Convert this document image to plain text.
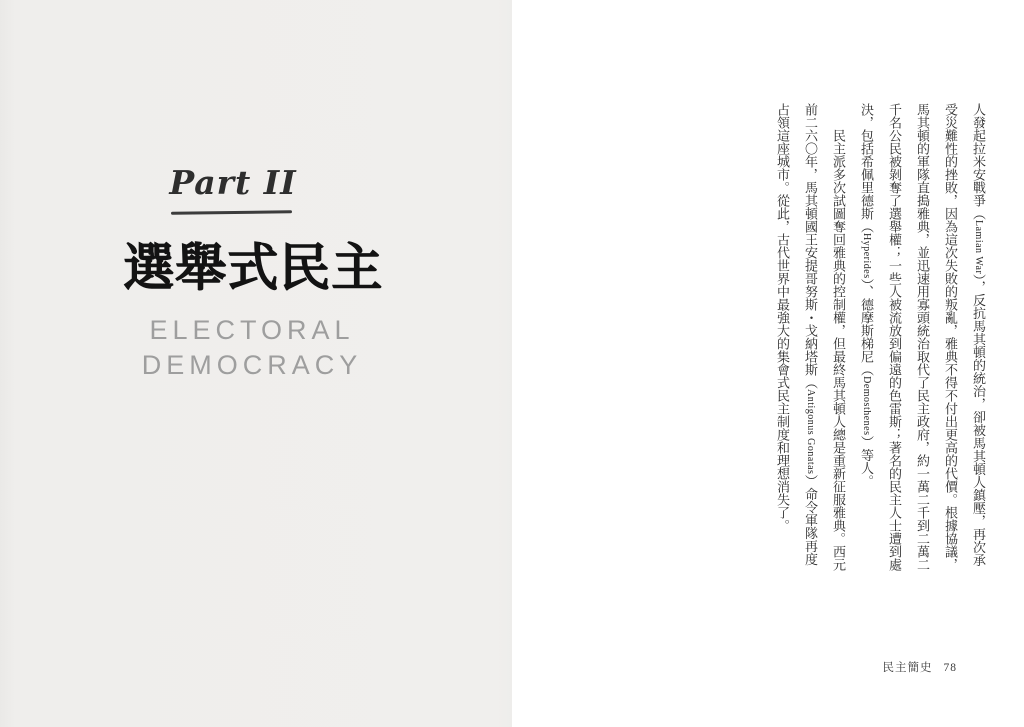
Part II
選舉式民主
ELECTORAL
DEMOCRACY
人發起拉米安戰爭（Lamian War），反抗馬其頓的統治，卻被馬其頓人鎮壓，再次承
受災難性的挫敗，因為這次失敗的叛亂，雅典不得不付出更高的代價。根據協議，
馬其頓的軍隊直搗雅典，並迅速用寡頭統治取代了民主政府，約一萬二千到二萬二
千名公民被剝奪了選舉權；一些人被流放到偏遠的色雷斯；著名的民主人士遭到處
決，包括希佩里德斯（Hyperides）、德摩斯梯尼（Demosthenes）等人。
民主派多次試圖奪回雅典的控制權，但最終馬其頓人總是重新征服雅典。西元
前二六〇年，馬其頓國王安提哥努斯・戈納塔斯（Antigonus Gonatas）命令軍隊再度
占領這座城市。從此，古代世界中最強大的集會式民主制度和理想消失了。
民主簡史 78
